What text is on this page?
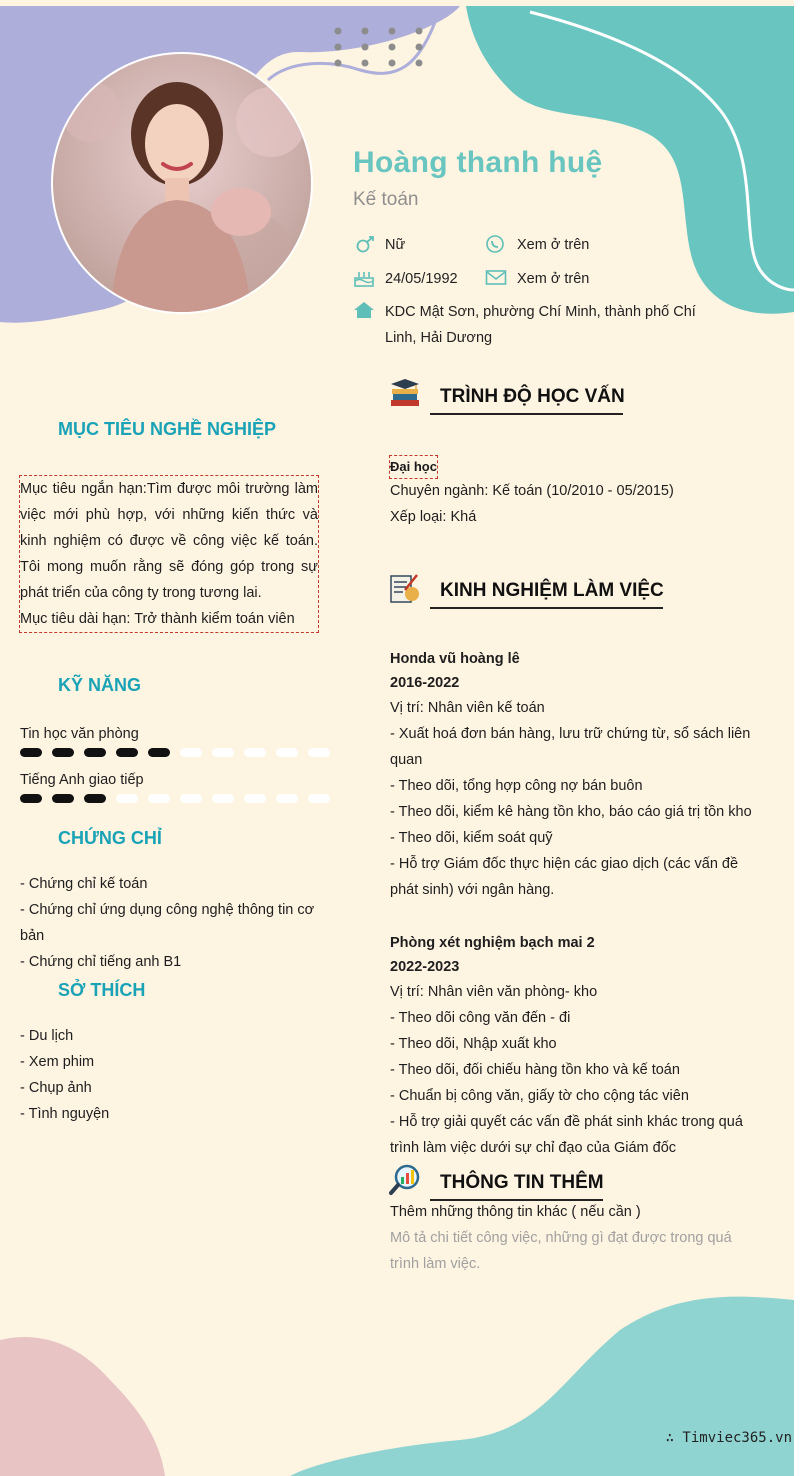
Hoàng thanh huệ
Kế toán
Nữ	Xem ở trên
24/05/1992	Xem ở trên
KDC Mật Sơn, phường Chí Minh, thành phố Chí
Linh, Hải Dương
MỤC TIÊU NGHỀ NGHIỆP
Mục tiêu ngắn hạn:Tìm được môi trường làm việc mới phù hợp, với những kiến thức và kinh nghiệm có được về công việc kế toán. Tôi mong muốn rằng sẽ đóng góp trong sự phát triển của công ty trong tương lai.
Mục tiêu dài hạn: Trở thành kiểm toán viên
KỸ NĂNG
Tin học văn phòng
Tiếng Anh giao tiếp
CHỨNG CHỈ
- Chứng chỉ kế toán
- Chứng chỉ ứng dụng công nghệ thông tin cơ bản
- Chứng chỉ tiếng anh B1
SỞ THÍCH
- Du lịch
- Xem phim
- Chụp ảnh
- Tình nguyện
TRÌNH ĐỘ HỌC VẤN
Đại học
Chuyên ngành: Kế toán (10/2010 - 05/2015)
Xếp loại: Khá
KINH NGHIỆM LÀM VIỆC
Honda vũ hoàng lê
2016-2022
Vị trí: Nhân viên kế toán
- Xuất hoá đơn bán hàng, lưu trữ chứng từ, sổ sách liên quan
- Theo dõi, tổng hợp công nợ bán buôn
- Theo dõi, kiểm kê hàng tồn kho, báo cáo giá trị tồn kho
- Theo dõi, kiểm soát quỹ
- Hỗ trợ Giám đốc thực hiện các giao dịch (các vấn đề phát sinh) với ngân hàng.
Phòng xét nghiệm bạch mai 2
2022-2023
Vị trí: Nhân viên văn phòng- kho
- Theo dõi công văn đến - đi
- Theo dõi, Nhập xuất kho
- Theo dõi, đối chiếu hàng tồn kho và kế toán
- Chuẩn bị công văn, giấy tờ cho cộng tác viên
- Hỗ trợ giải quyết các vấn đề phát sinh khác trong quá trình làm việc dưới sự chỉ đạo của Giám đốc
THÔNG TIN THÊM
Thêm những thông tin khác ( nếu cần )
Mô tả chi tiết công việc, những gì đạt được trong quá trình làm việc.
∴ Timviec365.vn
